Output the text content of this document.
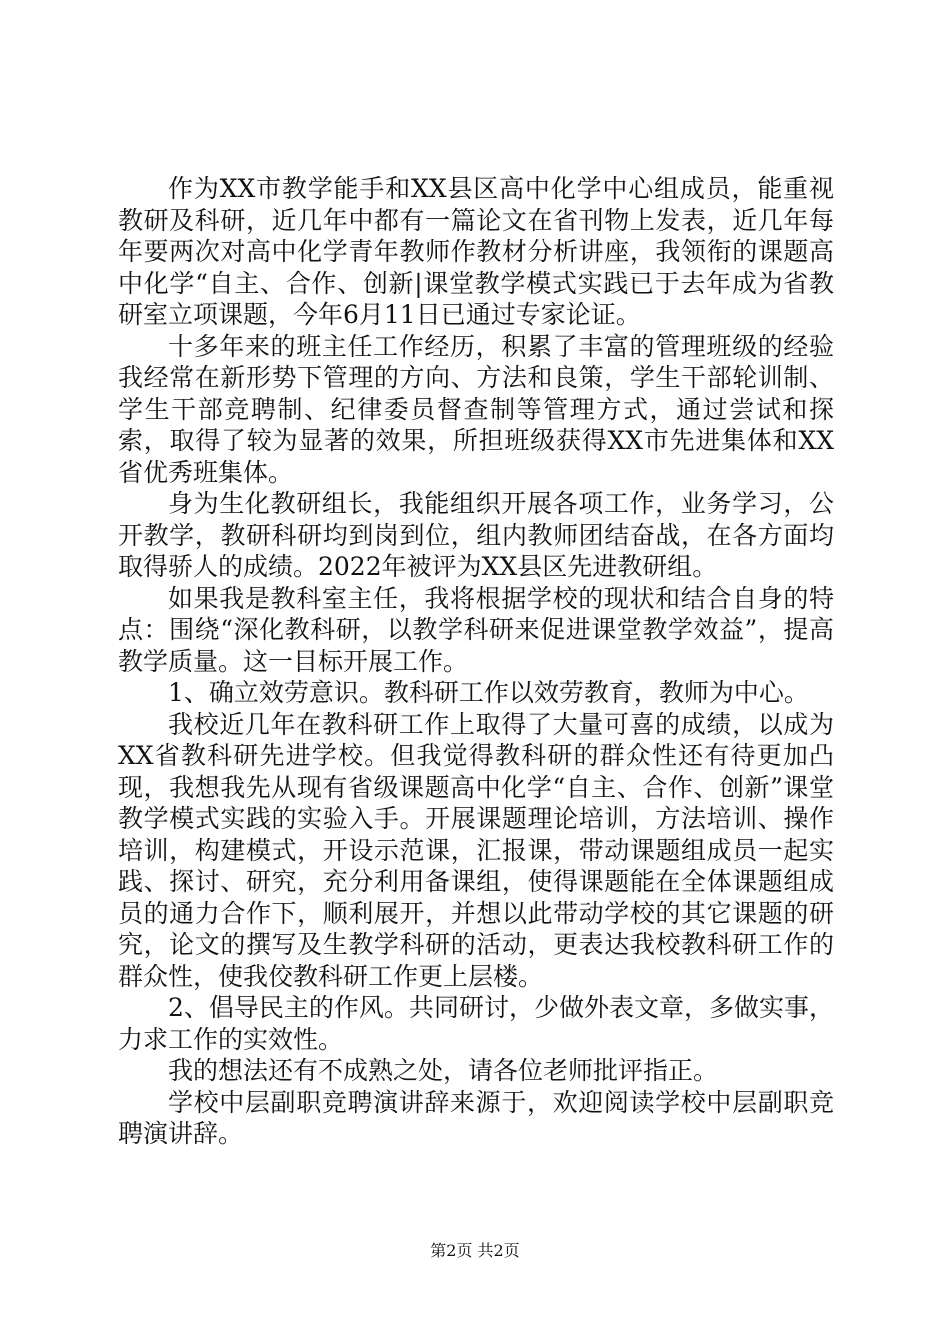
作为XX市教学能手和XX县区高中化学中心组成员，能重视教研及科研，近几年中都有一篇论文在省刊物上发表，近几年每年要两次对高中化学青年教师作教材分析讲座，我领衔的课题高中化学“自主、合作、创新|课堂教学模式实践已于去年成为省教研室立项课题，今年6月11日已通过专家论证。

十多年来的班主任工作经历，积累了丰富的管理班级的经验我经常在新形势下管理的方向、方法和良策，学生干部轮训制、学生干部竞聘制、纪律委员督查制等管理方式，通过尝试和探索，取得了较为显著的效果，所担班级获得XX市先进集体和XX省优秀班集体。

身为生化教研组长，我能组织开展各项工作，业务学习，公开教学，教研科研均到岗到位，组内教师团结奋战，在各方面均取得骄人的成绩。2022年被评为XX县区先进教研组。

如果我是教科室主任，我将根据学校的现状和结合自身的特点：围绕“深化教科研，以教学科研来促进课堂教学效益”，提高教学质量。这一目标开展工作。

1、确立效劳意识。教科研工作以效劳教育，教师为中心。

我校近几年在教科研工作上取得了大量可喜的成绩，以成为XX省教科研先进学校。但我觉得教科研的群众性还有待更加凸现，我想我先从现有省级课题高中化学“自主、合作、创新”课堂教学模式实践的实验入手。开展课题理论培训，方法培训、操作培训，构建模式，开设示范课，汇报课，带动课题组成员一起实践、探讨、研究，充分利用备课组，使得课题能在全体课题组成员的通力合作下，顺利展开，并想以此带动学校的其它课题的研究，论文的撰写及生教学科研的活动，更表达我校教科研工作的群众性，使我佼教科研工作更上层楼。

2、倡导民主的作风。共同研讨，少做外表文章，多做实事，力求工作的实效性。

我的想法还有不成熟之处，请各位老师批评指正。

学校中层副职竞聘演讲辞来源于，欢迎阅读学校中层副职竞聘演讲辞。

第2页 共2页
